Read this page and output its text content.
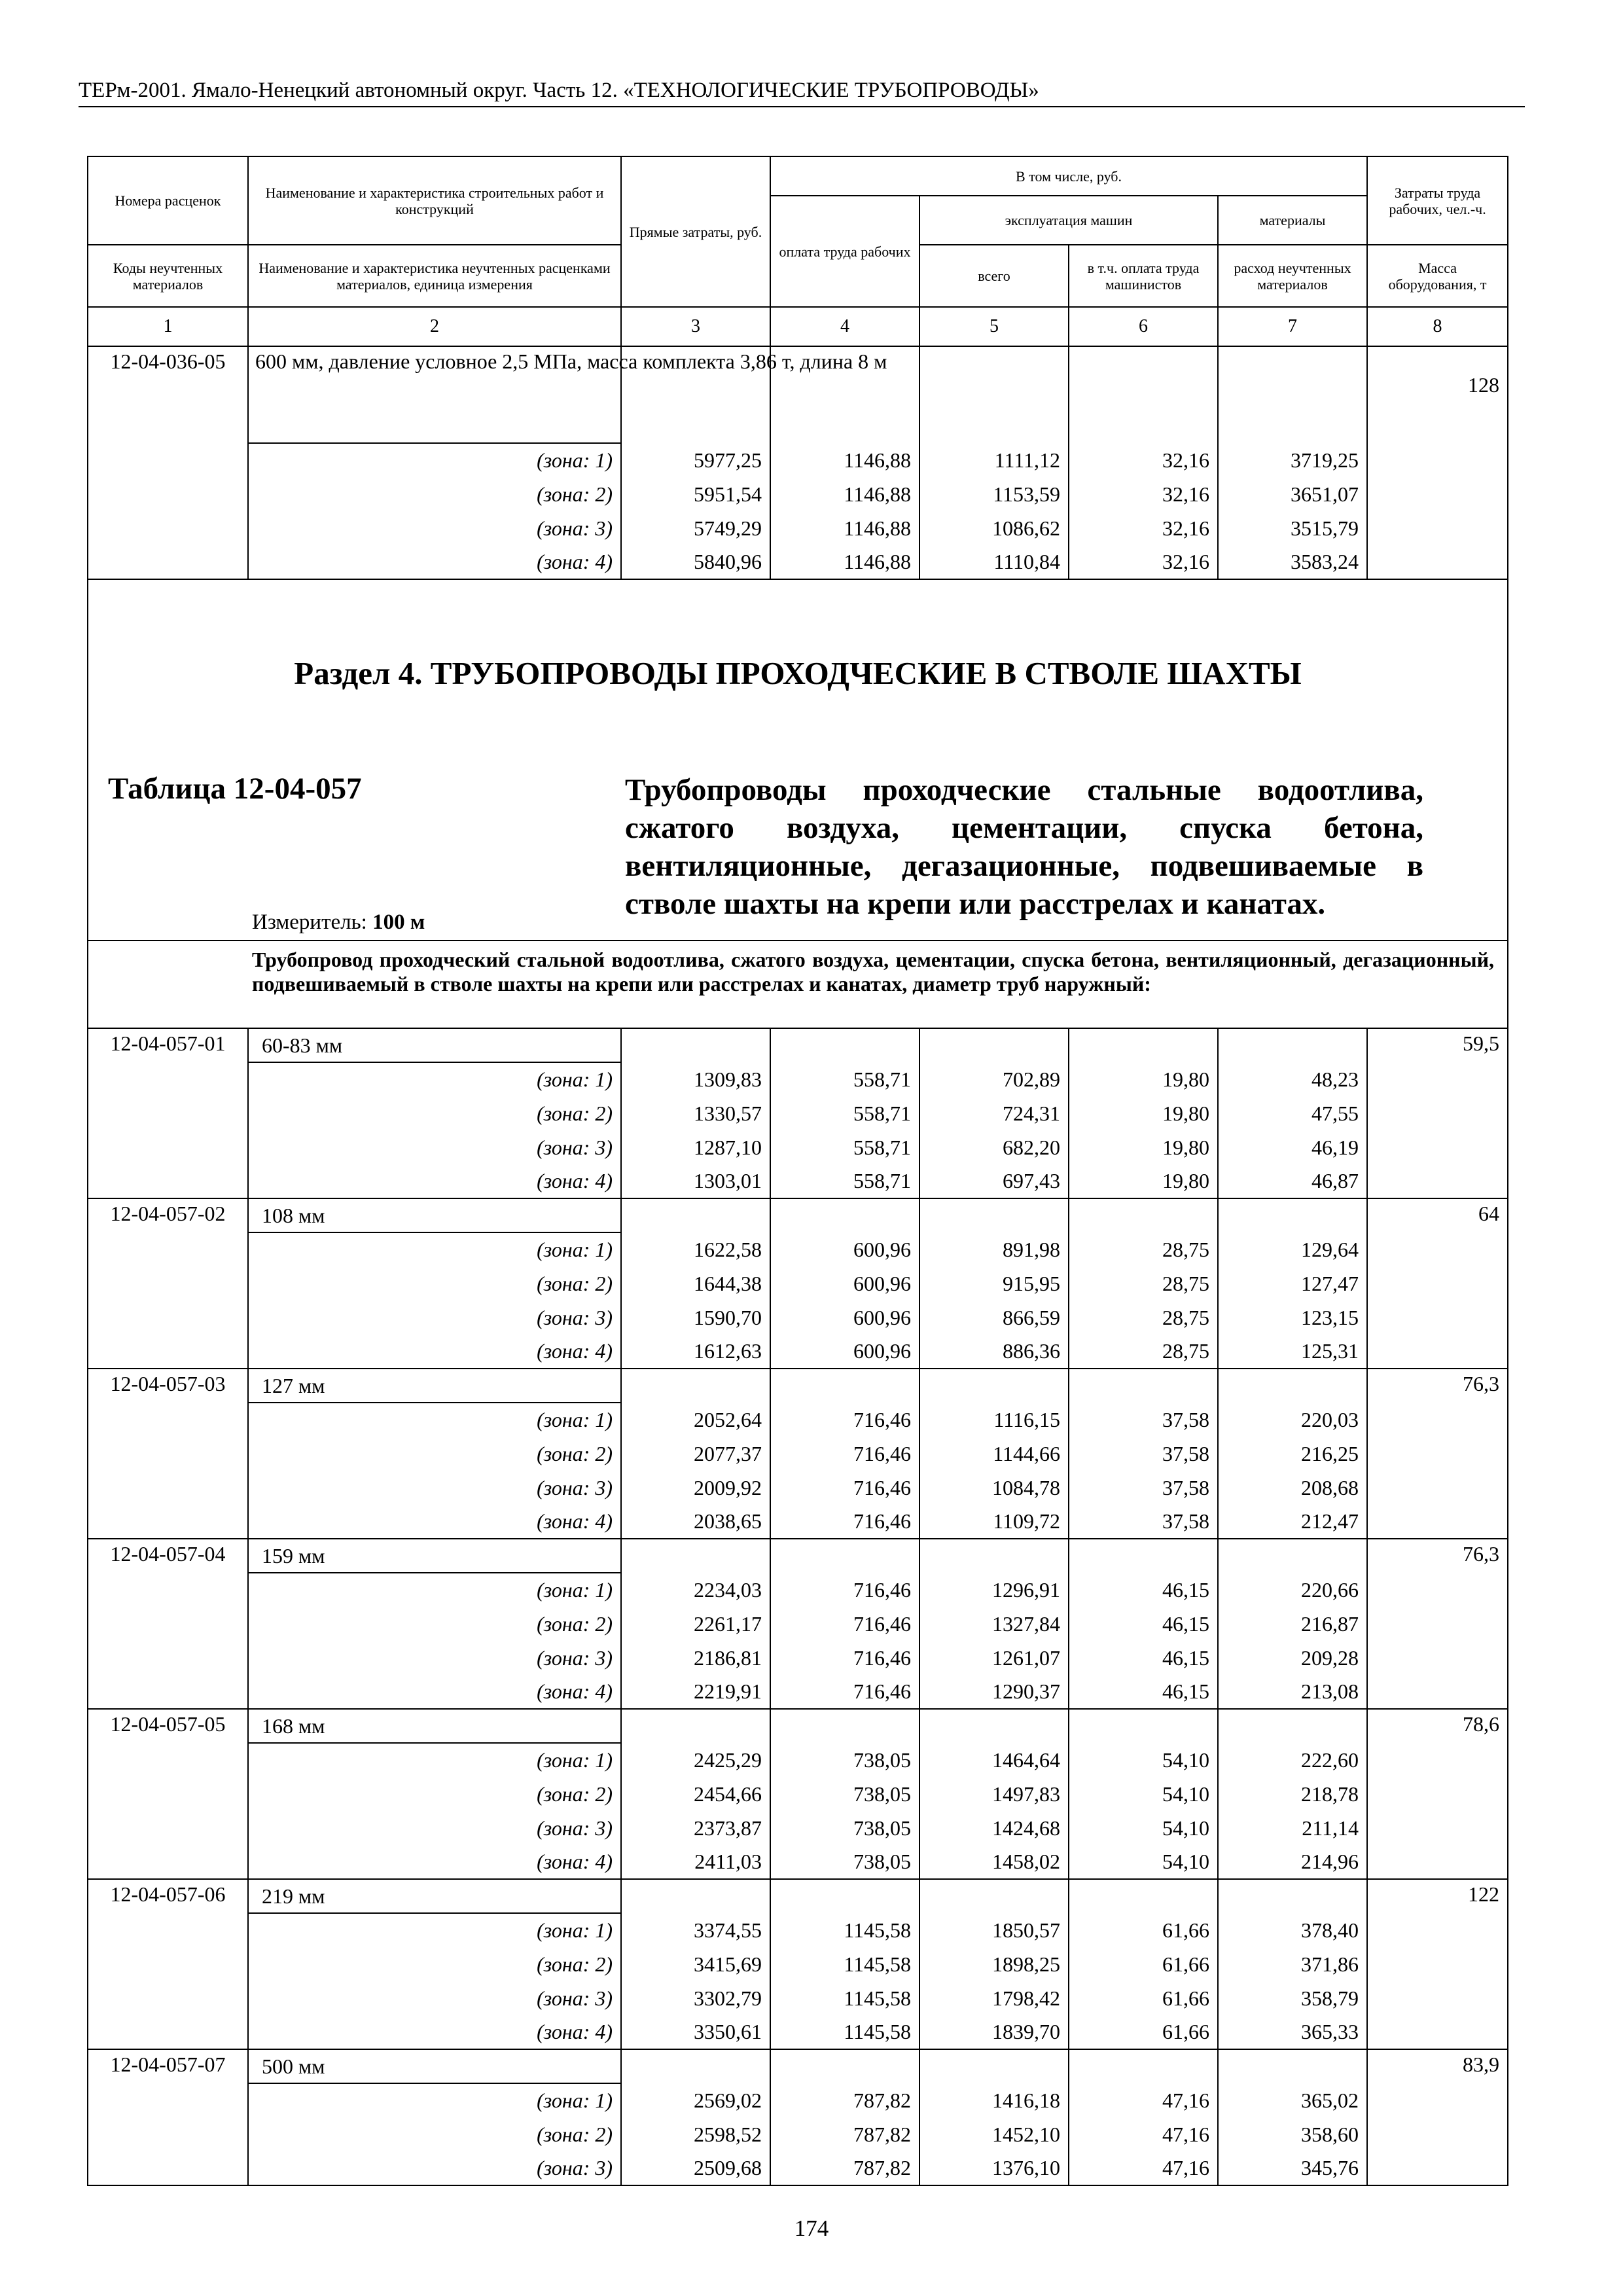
ТЕРм-2001. Ямало-Ненецкий автономный округ. Часть 12. «ТЕХНОЛОГИЧЕСКИЕ ТРУБОПРОВОДЫ»
Номера расценок	Наименование и характеристика строительных работ и конструкций	Прямые затраты, руб.	В том числе, руб.				Затраты труда рабочих, чел.-ч.
			оплата труда рабочих	эксплуатация машин		материалы	
Коды неучтенных материалов	Наименование и характеристика неучтенных расценками материалов, единица измерения			всего	в т.ч. оплата труда машинистов	расход неучтенных материалов	Масса оборудования, т
1	2	3	4	5	6	7	8
12-04-036-05	600 мм, давление условное 2,5 МПа, масса комплекта 3,86 т, длина 8 м						128
	(зона: 1)	5977,25	1146,88	1111,12	32,16	3719,25	
	(зона: 2)	5951,54	1146,88	1153,59	32,16	3651,07	
	(зона: 3)	5749,29	1146,88	1086,62	32,16	3515,79	
	(зона: 4)	5840,96	1146,88	1110,84	32,16	3583,24	

Раздел 4. ТРУБОПРОВОДЫ ПРОХОДЧЕСКИЕ В СТВОЛЕ ШАХТЫ
Таблица 12-04-057 Трубопроводы проходческие стальные водоотлива, сжатого воздуха, цементации, спуска бетона, вентиляционные, дегазационные, подвешиваемые в стволе шахты на крепи или расстрелах и канатах.
Измеритель: 100 м							

Трубопровод проходческий стальной водоотлива, сжатого воздуха, цементации, спуска бетона, вентиляционный, дегазационный, подвешиваемый в стволе шахты на крепи или расстрелах и канатах, диаметр труб наружный:							
12-04-057-01	60-83 мм						59,5
	(зона: 1)	1309,83	558,71	702,89	19,80	48,23	
	(зона: 2)	1330,57	558,71	724,31	19,80	47,55	
	(зона: 3)	1287,10	558,71	682,20	19,80	46,19	
	(зона: 4)	1303,01	558,71	697,43	19,80	46,87	
12-04-057-02	108 мм						64
	(зона: 1)	1622,58	600,96	891,98	28,75	129,64	
	(зона: 2)	1644,38	600,96	915,95	28,75	127,47	
	(зона: 3)	1590,70	600,96	866,59	28,75	123,15	
	(зона: 4)	1612,63	600,96	886,36	28,75	125,31	
12-04-057-03	127 мм						76,3
	(зона: 1)	2052,64	716,46	1116,15	37,58	220,03	
	(зона: 2)	2077,37	716,46	1144,66	37,58	216,25	
	(зона: 3)	2009,92	716,46	1084,78	37,58	208,68	
	(зона: 4)	2038,65	716,46	1109,72	37,58	212,47	
12-04-057-04	159 мм						76,3
	(зона: 1)	2234,03	716,46	1296,91	46,15	220,66	
	(зона: 2)	2261,17	716,46	1327,84	46,15	216,87	
	(зона: 3)	2186,81	716,46	1261,07	46,15	209,28	
	(зона: 4)	2219,91	716,46	1290,37	46,15	213,08	
12-04-057-05	168 мм						78,6
	(зона: 1)	2425,29	738,05	1464,64	54,10	222,60	
	(зона: 2)	2454,66	738,05	1497,83	54,10	218,78	
	(зона: 3)	2373,87	738,05	1424,68	54,10	211,14	
	(зона: 4)	2411,03	738,05	1458,02	54,10	214,96	
12-04-057-06	219 мм						122
	(зона: 1)	3374,55	1145,58	1850,57	61,66	378,40	
	(зона: 2)	3415,69	1145,58	1898,25	61,66	371,86	
	(зона: 3)	3302,79	1145,58	1798,42	61,66	358,79	
	(зона: 4)	3350,61	1145,58	1839,70	61,66	365,33	
12-04-057-07	500 мм						83,9
	(зона: 1)	2569,02	787,82	1416,18	47,16	365,02	
	(зона: 2)	2598,52	787,82	1452,10	47,16	358,60	
	(зона: 3)	2509,68	787,82	1376,10	47,16	345,76	
174
